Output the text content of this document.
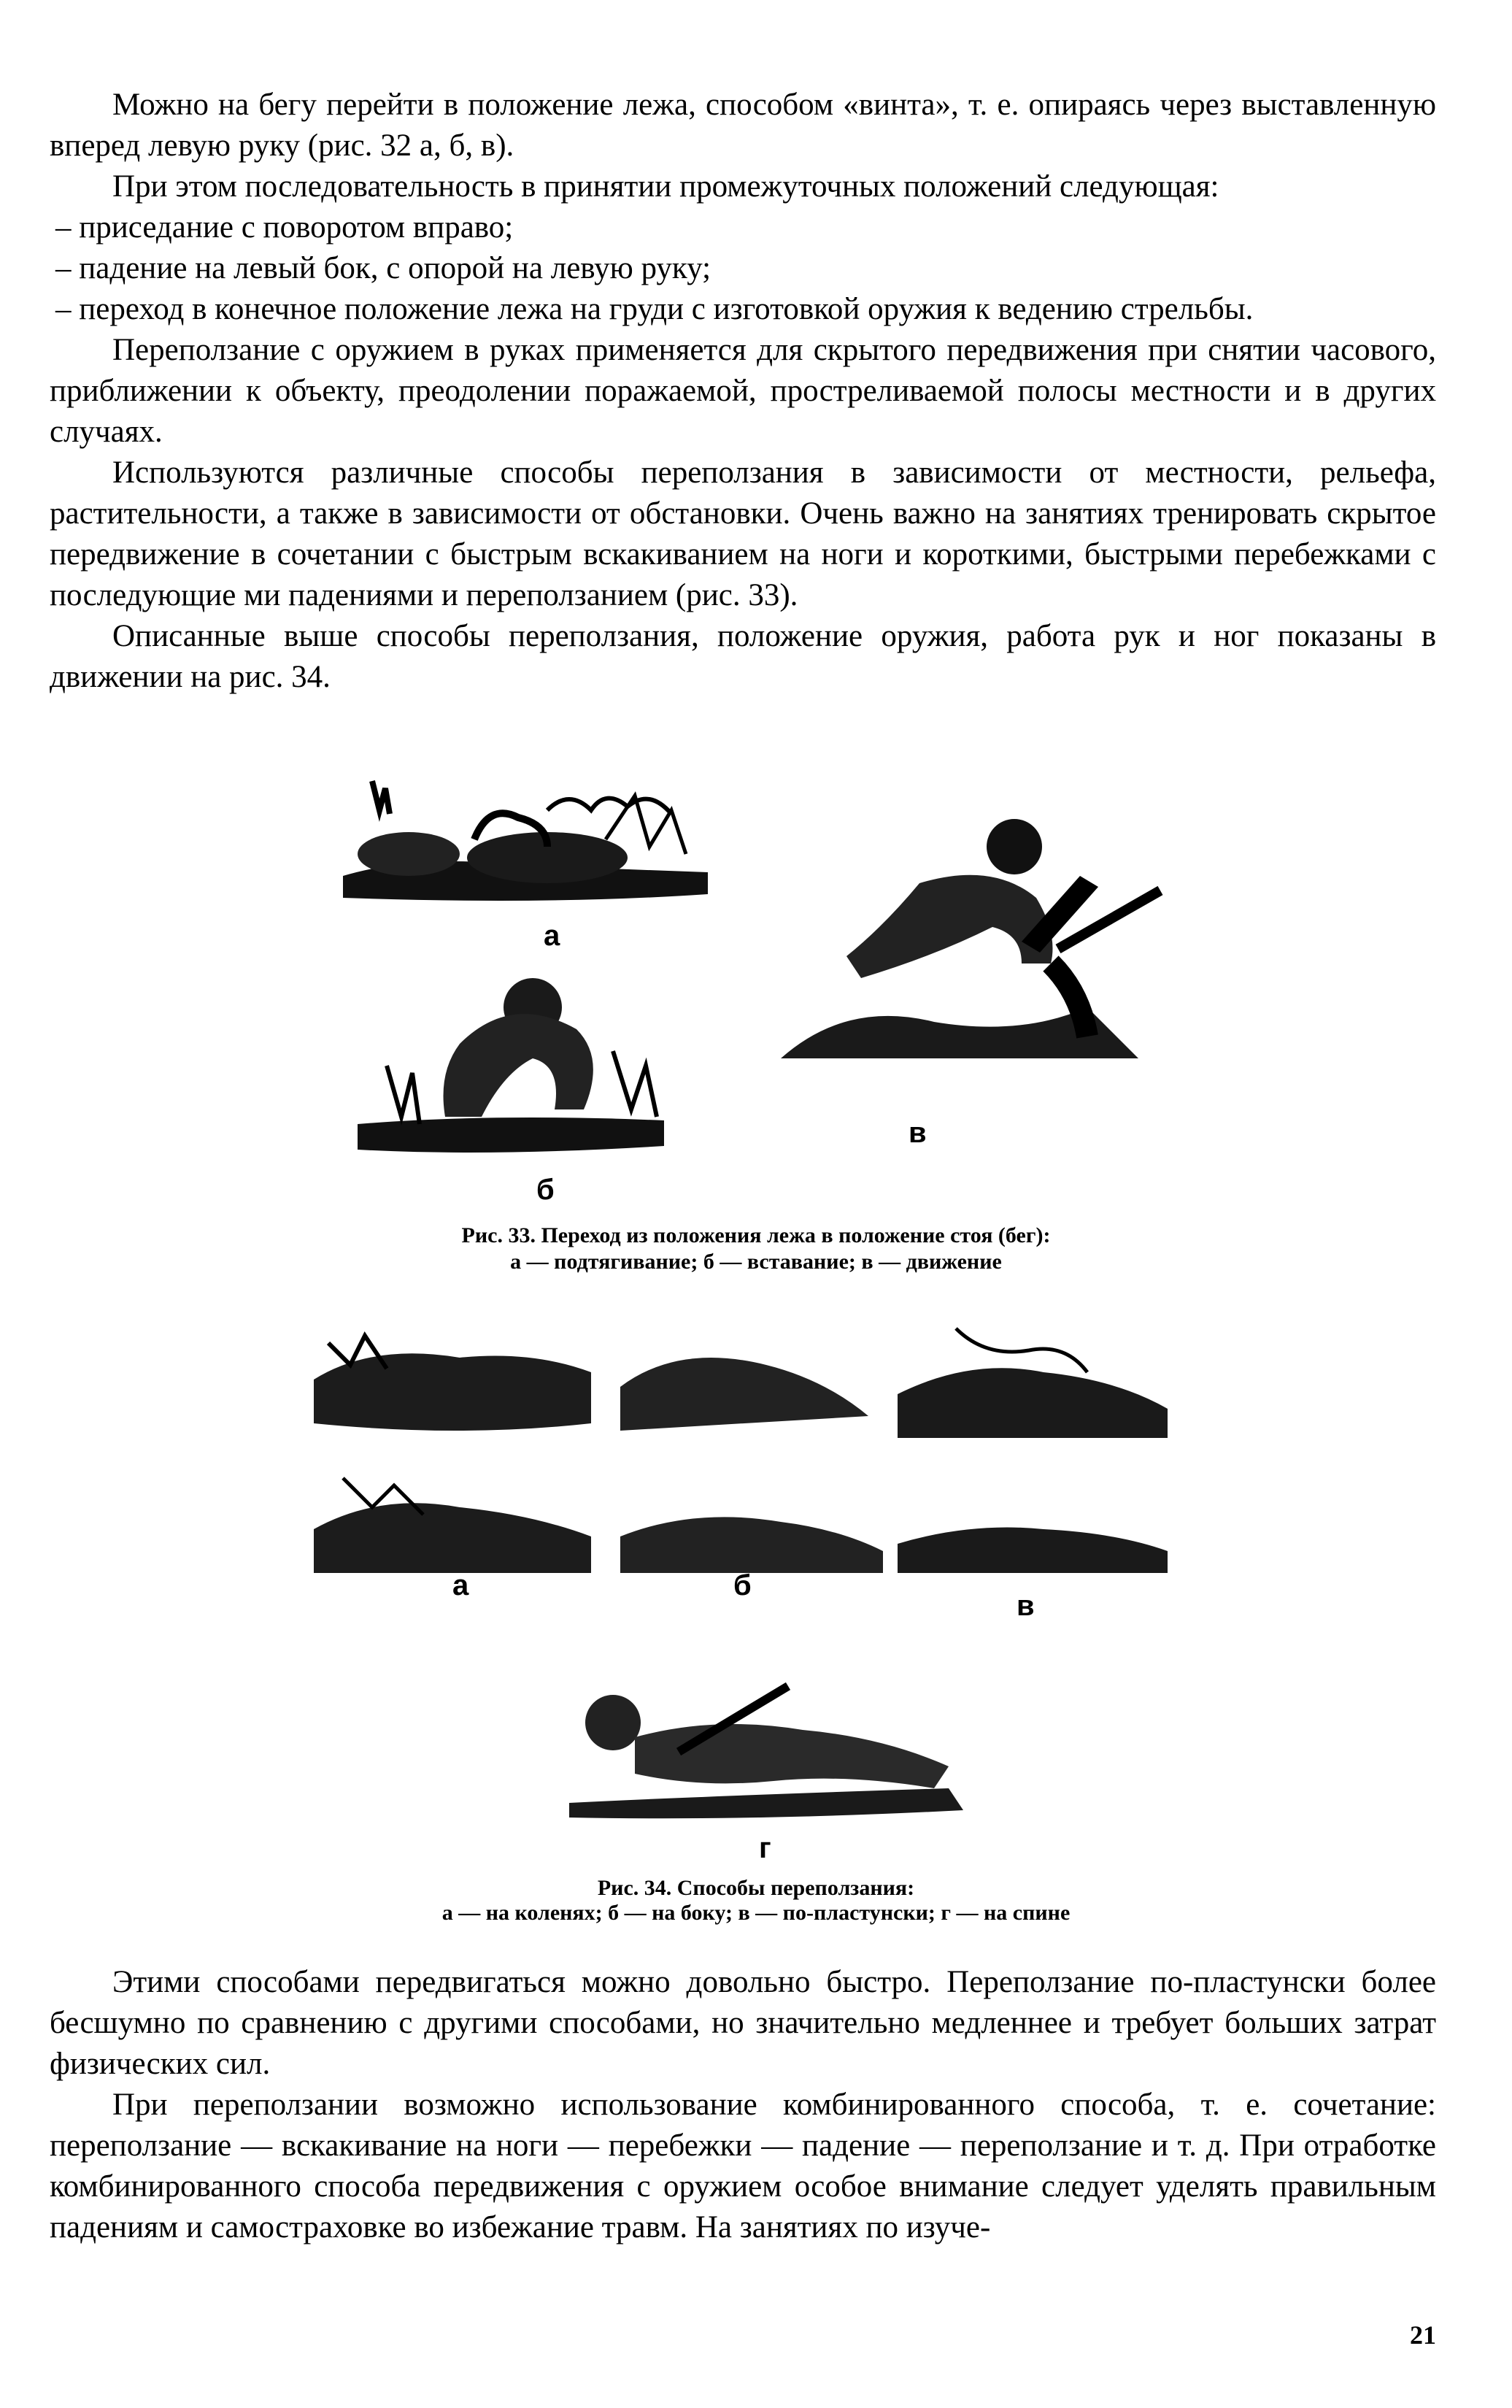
Можно на бегу перейти в положение лежа, способом «винта», т. е. опираясь через выставленную вперед левую руку (рис. 32 а, б, в).

При этом последовательность в принятии промежуточных положений следующая:

– приседание с поворотом вправо;

– падение на левый бок, с опорой на левую руку;

– переход в конечное положение лежа на груди с изготовкой оружия к ведению стрельбы.

Переползание с оружием в руках применяется для скрытого передвижения при снятии часового, приближении к объекту, преодолении поражаемой, простреливаемой полосы местности и в других случаях.

Используются различные способы переползания в зависимости от местности, рельефа, растительности, а также в зависимости от обстановки. Очень важно на занятиях тренировать скрытое передвижение в сочетании с быстрым вскакиванием на ноги и короткими, быстрыми перебежками с последующие ми падениями и переползанием (рис. 33).

Описанные выше способы переползания, положение оружия, работа рук и ног показаны в движении на рис. 34.

а
б
в
Рис. 33. Переход из положения лежа в положение стоя (бег):
а — подтягивание; б — вставание; в — движение
а	б
в
г
Рис. 34. Способы переползания:
а — на коленях; б — на боку; в — по-пластунски; г — на спине

Этими способами передвигаться можно довольно быстро. Переползание по-пластунски более бесшумно по сравнению с другими способами, но значительно медленнее и требует больших затрат физических сил.

При переползании возможно использование комбинированного способа, т. е. сочетание: переползание — вскакивание на ноги — перебежки — падение — переползание и т. д. При отработке комбинированного способа передвижения с оружием особое внимание следует уделять правильным падениям и самостраховке во избежание травм. На занятиях по изуче-

21
